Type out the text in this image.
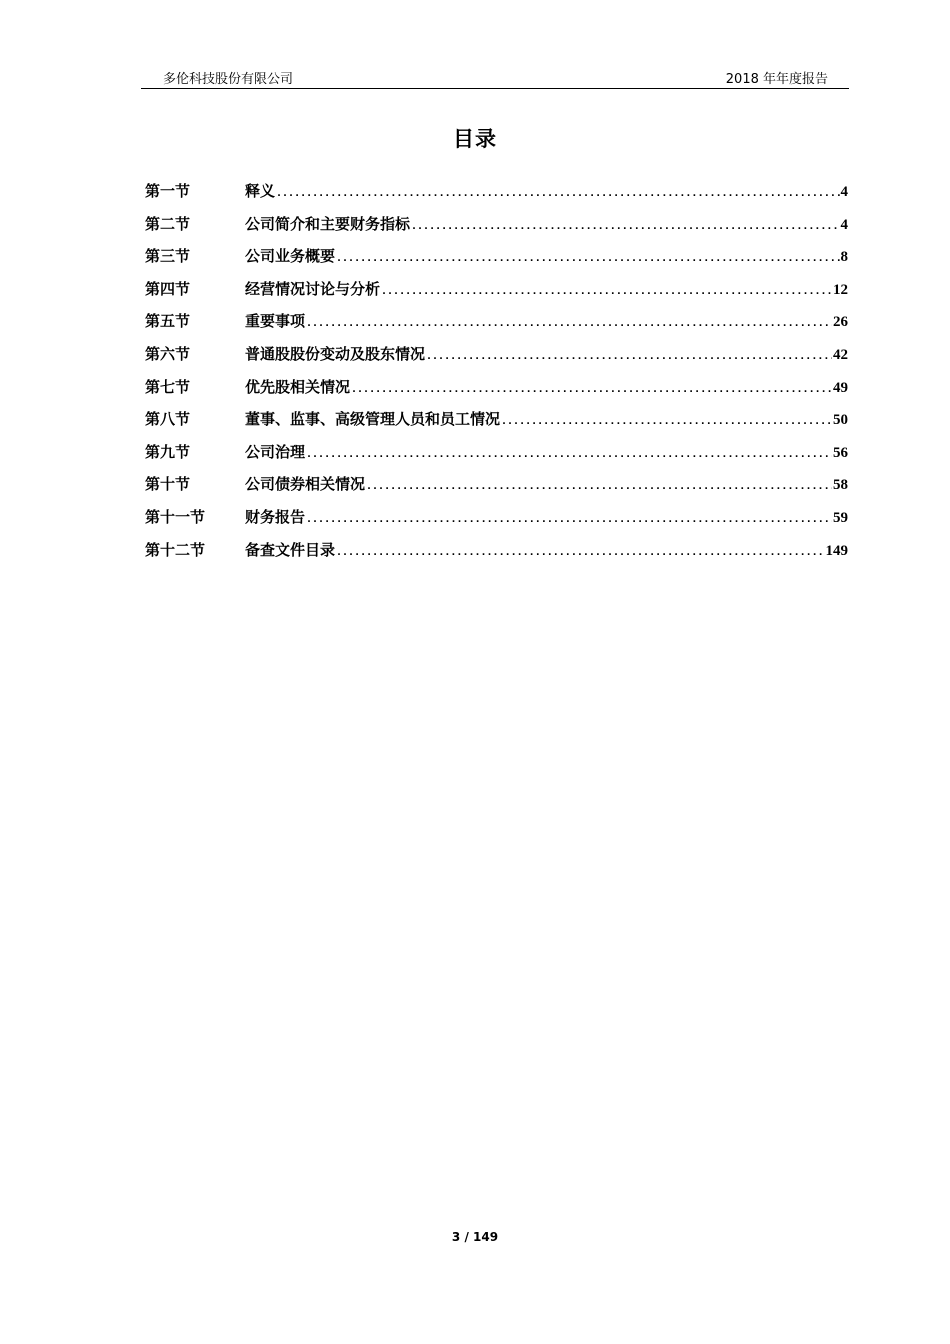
多伦科技股份有限公司	2018 年年度报告
目录
第一节	释义 .....	4
第二节	公司简介和主要财务指标 .....	4
第三节	公司业务概要 .....	8
第四节	经营情况讨论与分析 .....	12
第五节	重要事项 .....	26
第六节	普通股股份变动及股东情况 .....	42
第七节	优先股相关情况 .....	49
第八节	董事、监事、高级管理人员和员工情况 .....	50
第九节	公司治理 .....	56
第十节	公司债券相关情况 .....	58
第十一节	财务报告 .....	59
第十二节	备查文件目录 .....	149
3 / 149
